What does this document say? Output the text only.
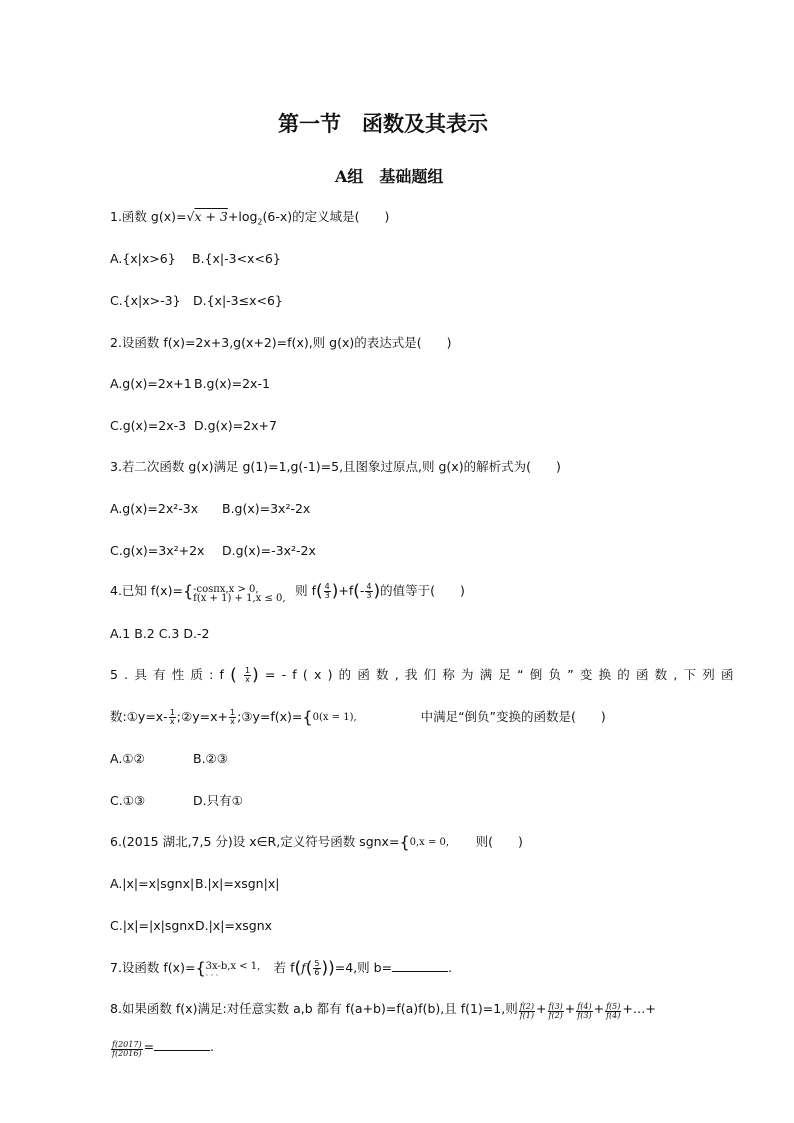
第一节　函数及其表示
A组　基础题组
1.函数 $g(x)=√x + 3+\log_2(6-x)$的定义域是(　　)
A.{x|x>6} B.{x|-3<x<6}
C.{x|x>-3} D.{x|-3≤x<6}
2.设函数 f(x)=2x+3,g(x+2)=f(x),则 g(x)的表达式是(　　)
A.g(x)=2x+1 B.g(x)=2x-1
C.g(x)=2x-3 D.g(x)=2x+7
3.若二次函数 g(x)满足 g(1)=1,g(-1)=5,且图象过原点,则 g(x)的解析式为(　　)
A.g(x)=2x²-3x B.g(x)=3x²-2x
C.g(x)=3x²+2x D.g(x)=-3x²-2x
4.已知 f(x)={ -cosπx,x > 0,
f(x + 1) + 1,x ≤ 0,
则 $f( \frac{4}{3} )+f(- \frac{4}{3}$ )的值等于(　　)
A.1 B.2 C.3 D.-2
5.具有性质:f( $\frac{1}{x} )=-f(x)$的函数,我们称为满足“倒负”变换的函数,下列函
数:①y=x- $\frac{1}{x}$ ;②y=x+ $\frac{1}{x}$ ;③y=f(x)={0(x = 1),	中满足“倒负”变换的函数是(　　)
A.①②	B.②③
C.①③	D.只有①
6.(2015 湖北,7,5 分)设 x∈R,定义符号函数 sgnx={0,x = 0, 则(　　)
A.|x|=x|sgnx| B.|x|=xsgn|x|
C.|x|=|x|sgnx D.|x|=xsgnx
7.设函数 f(x)={ 3x-b,x < 1,
· · ·
若 $f(f( \frac{5}{6} ))=4$,则 b=	.
8.如果函数 f(x)满足:对任意实数 a,b 都有 f(a+b)=f(a)f(b),且 f(1)=1,则 $\frac{f(2)}{f(1)} + \frac{f(3)}{f(2)} + \frac{f(4)}{f(3)} + \frac{f(5)}{f(4)}$ +…+
$\frac{f(2017)}{f(2016)}$ =	.
